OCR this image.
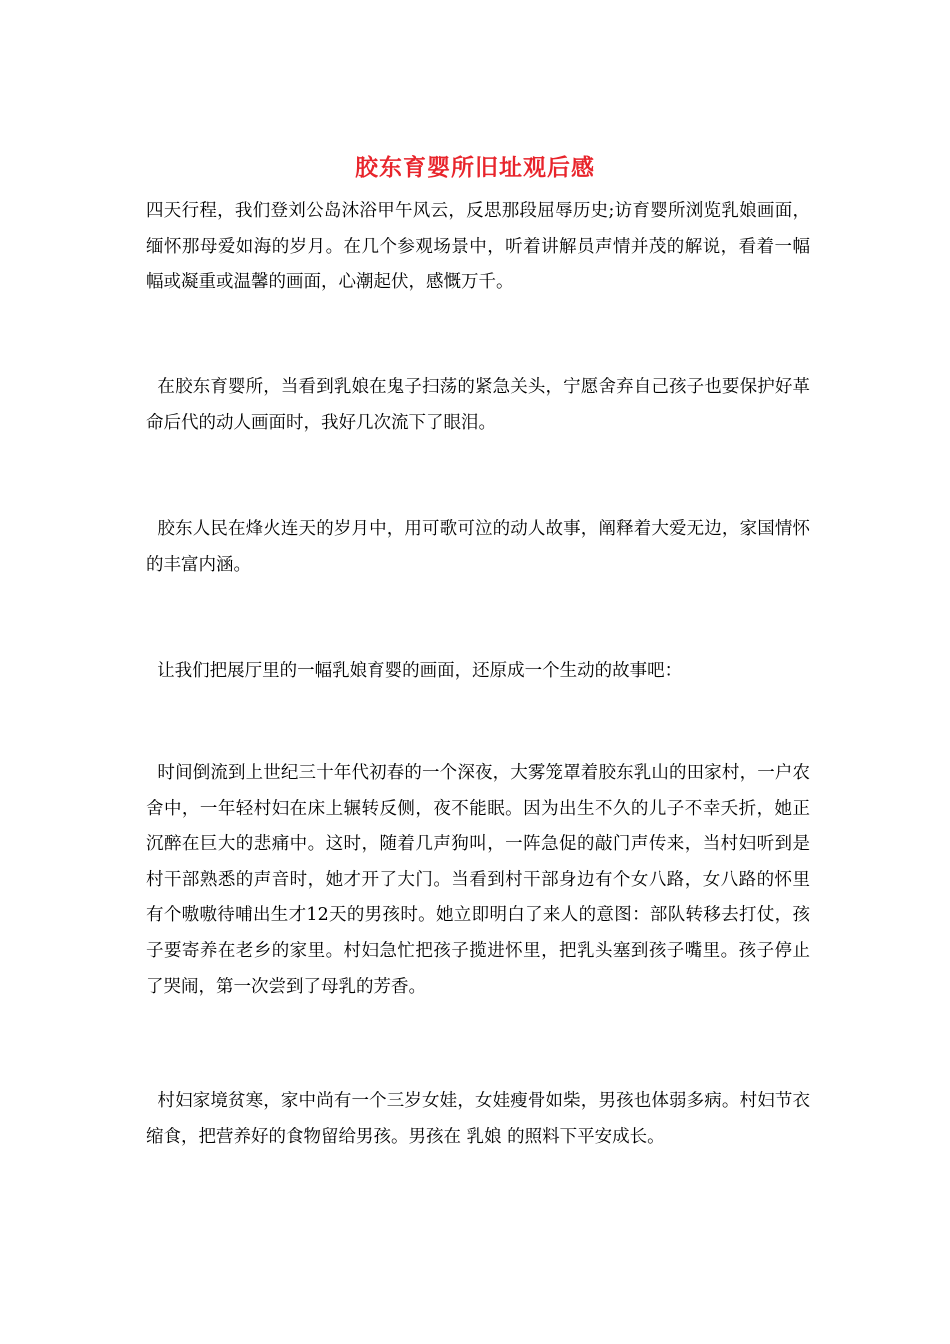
胶东育婴所旧址观后感

四天行程，我们登刘公岛沐浴甲午风云，反思那段屈辱历史;访育婴所浏览乳娘画面，缅怀那母爱如海的岁月。在几个参观场景中，听着讲解员声情并茂的解说，看着一幅幅或凝重或温馨的画面，心潮起伏，感慨万千。

在胶东育婴所，当看到乳娘在鬼子扫荡的紧急关头，宁愿舍弃自己孩子也要保护好革命后代的动人画面时，我好几次流下了眼泪。

胶东人民在烽火连天的岁月中，用可歌可泣的动人故事，阐释着大爱无边，家国情怀的丰富内涵。

让我们把展厅里的一幅乳娘育婴的画面，还原成一个生动的故事吧：

时间倒流到上世纪三十年代初春的一个深夜，大雾笼罩着胶东乳山的田家村，一户农舍中，一年轻村妇在床上辗转反侧，夜不能眠。因为出生不久的儿子不幸夭折，她正沉醉在巨大的悲痛中。这时，随着几声狗叫，一阵急促的敲门声传来，当村妇听到是村干部熟悉的声音时，她才开了大门。当看到村干部身边有个女八路，女八路的怀里有个嗷嗷待哺出生才12天的男孩时。她立即明白了来人的意图：部队转移去打仗，孩子要寄养在老乡的家里。村妇急忙把孩子揽进怀里，把乳头塞到孩子嘴里。孩子停止了哭闹，第一次尝到了母乳的芳香。

村妇家境贫寒，家中尚有一个三岁女娃，女娃瘦骨如柴，男孩也体弱多病。村妇节衣缩食，把营养好的食物留给男孩。男孩在 乳娘 的照料下平安成长。
